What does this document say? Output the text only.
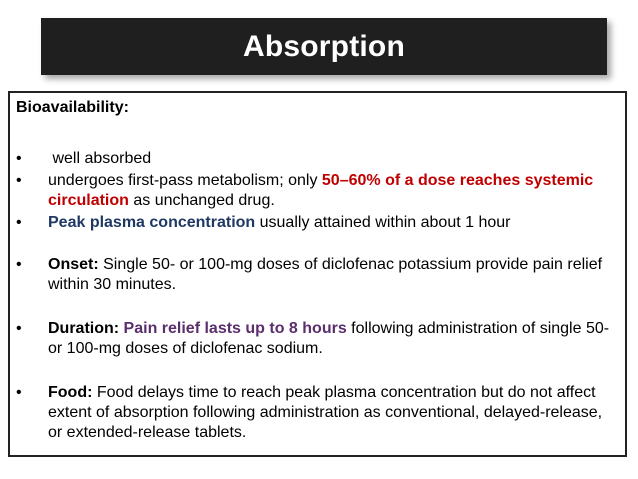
Absorption
Bioavailability:
•	well absorbed
•	undergoes first-pass metabolism; only 50–60% of a dose reaches systemic circulation as unchanged drug.
•	Peak plasma concentration usually attained within about 1 hour
•	Onset: Single 50- or 100-mg doses of diclofenac potassium provide pain relief within 30 minutes.
•	Duration: Pain relief lasts up to 8 hours following administration of single 50- or 100-mg doses of diclofenac sodium.
•	Food: Food delays time to reach peak plasma concentration but do not affect extent of absorption following administration as conventional, delayed-release, or extended-release tablets.
